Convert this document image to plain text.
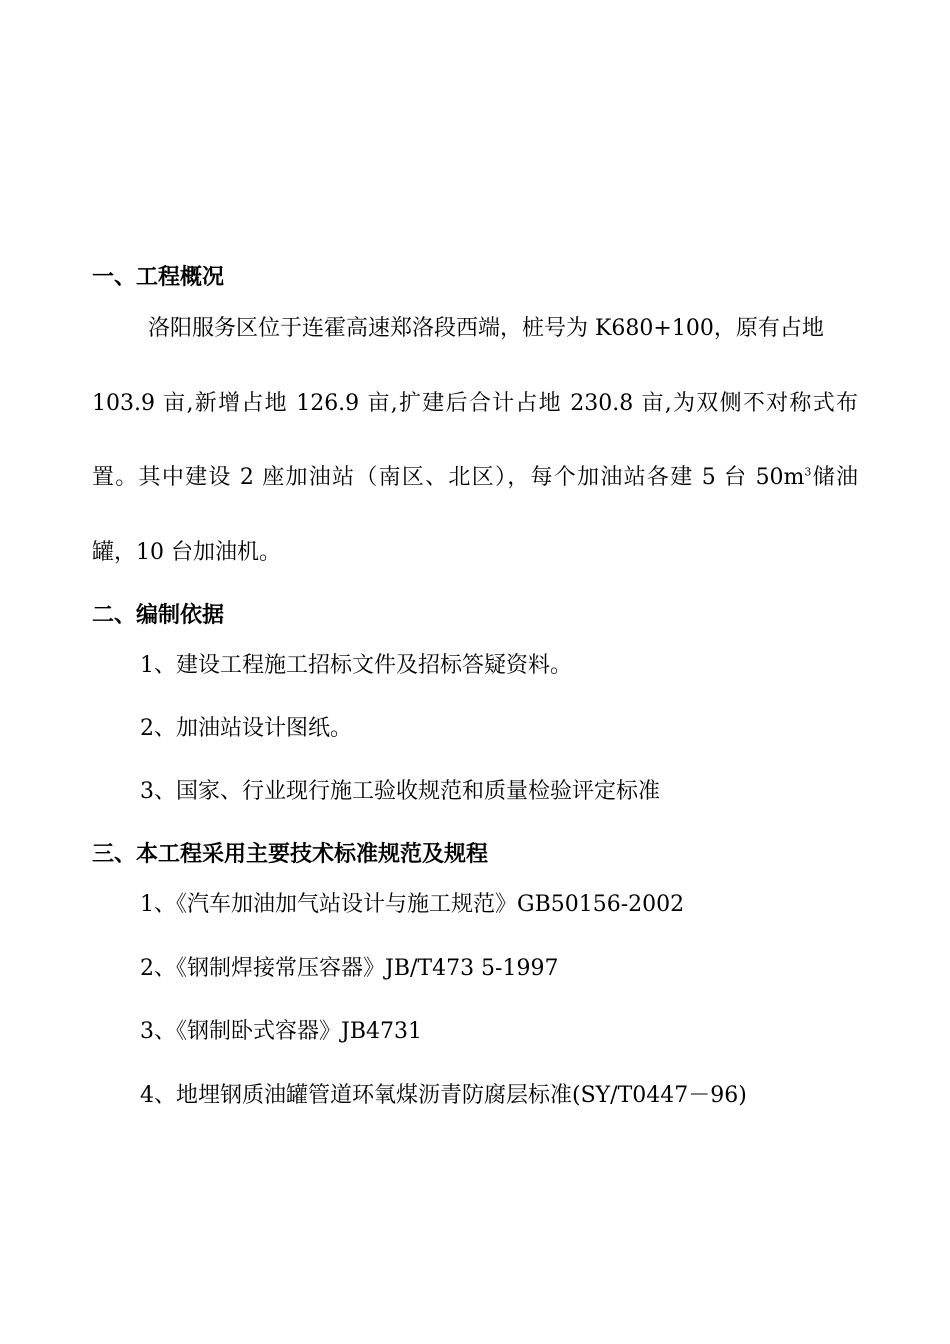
一、工程概况
洛阳服务区位于连霍高速郑洛段西端，桩号为 K680+100，原有占地
103.9 亩,新增占地 126.9 亩,扩建后合计占地 230.8 亩,为双侧不对称式布
置。其中建设 2 座加油站（南区、北区），每个加油站各建 5 台 $50m^3$储油
罐，10 台加油机。
二、编制依据
1、建设工程施工招标文件及招标答疑资料。
2、加油站设计图纸。
3、国家、行业现行施工验收规范和质量检验评定标准
三、本工程采用主要技术标准规范及规程
1、《汽车加油加气站设计与施工规范》GB50156-2002
2、《钢制焊接常压容器》JB/T473 5-1997
3、《钢制卧式容器》JB4731
4、地埋钢质油罐管道环氧煤沥青防腐层标准(SY/T0447－96)
